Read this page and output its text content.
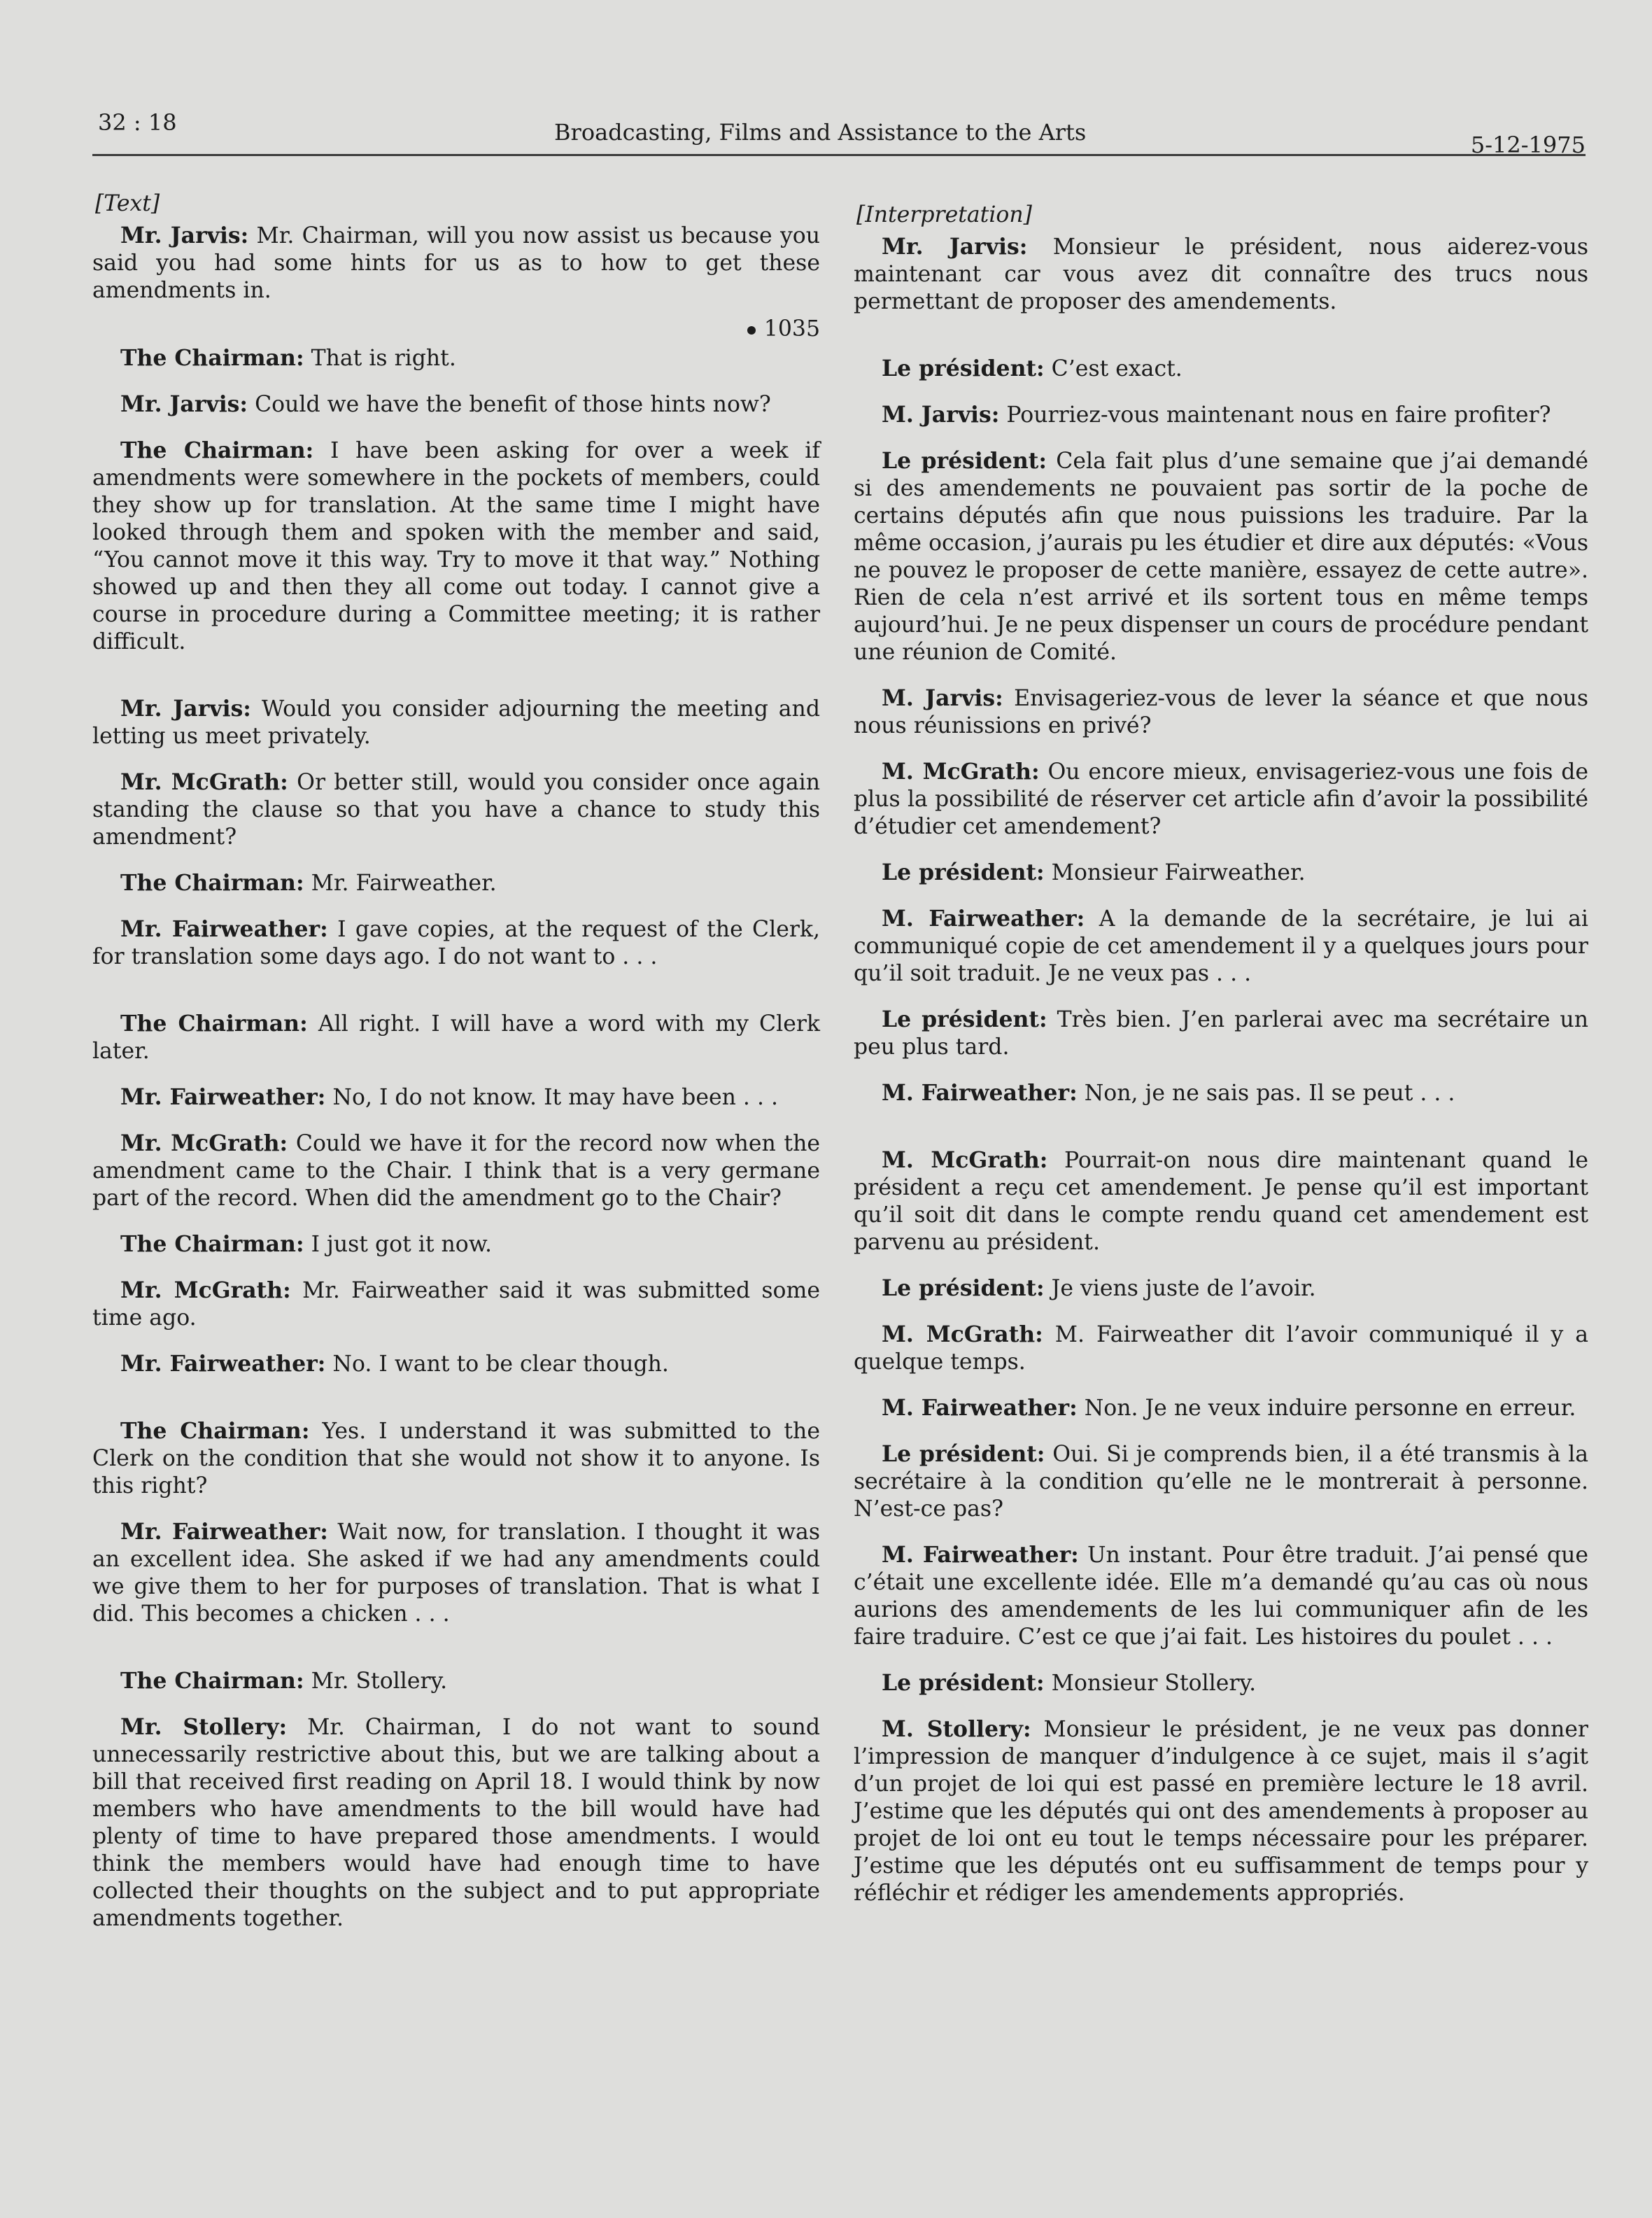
32 : 18	Broadcasting, Films and Assistance to the Arts	5-12-1975
[Text]

Mr. Jarvis: Mr. Chairman, will you now assist us because you said you had some hints for us as to how to get these amendments in.

1035

The Chairman: That is right.

Mr. Jarvis: Could we have the benefit of those hints now?

The Chairman: I have been asking for over a week if amendments were somewhere in the pockets of members, could they show up for translation. At the same time I might have looked through them and spoken with the member and said, “You cannot move it this way. Try to move it that way.” Nothing showed up and then they all come out today. I cannot give a course in procedure during a Committee meeting; it is rather difficult.

Mr. Jarvis: Would you consider adjourning the meeting and letting us meet privately.

Mr. McGrath: Or better still, would you consider once again standing the clause so that you have a chance to study this amendment?

The Chairman: Mr. Fairweather.

Mr. Fairweather: I gave copies, at the request of the Clerk, for translation some days ago. I do not want to . . .

The Chairman: All right. I will have a word with my Clerk later.

Mr. Fairweather: No, I do not know. It may have been . . .

Mr. McGrath: Could we have it for the record now when the amendment came to the Chair. I think that is a very germane part of the record. When did the amendment go to the Chair?

The Chairman: I just got it now.

Mr. McGrath: Mr. Fairweather said it was submitted some time ago.

Mr. Fairweather: No. I want to be clear though.

The Chairman: Yes. I understand it was submitted to the Clerk on the condition that she would not show it to anyone. Is this right?

Mr. Fairweather: Wait now, for translation. I thought it was an excellent idea. She asked if we had any amendments could we give them to her for purposes of translation. That is what I did. This becomes a chicken . . .

The Chairman: Mr. Stollery.

Mr. Stollery: Mr. Chairman, I do not want to sound unnecessarily restrictive about this, but we are talking about a bill that received first reading on April 18. I would think by now members who have amendments to the bill would have had plenty of time to have prepared those amendments. I would think the members would have had enough time to have collected their thoughts on the subject and to put appropriate amendments together.

[Interpretation]

Mr. Jarvis: Monsieur le président, nous aiderez-vous maintenant car vous avez dit connaître des trucs nous permettant de proposer des amendements.

Le président: C’est exact.

M. Jarvis: Pourriez-vous maintenant nous en faire profiter?

Le président: Cela fait plus d’une semaine que j’ai demandé si des amendements ne pouvaient pas sortir de la poche de certains députés afin que nous puissions les traduire. Par la même occasion, j’aurais pu les étudier et dire aux députés: «Vous ne pouvez le proposer de cette manière, essayez de cette autre». Rien de cela n’est arrivé et ils sortent tous en même temps aujourd’hui. Je ne peux dispenser un cours de procédure pendant une réunion de Comité.

M. Jarvis: Envisageriez-vous de lever la séance et que nous nous réunissions en privé?

M. McGrath: Ou encore mieux, envisageriez-vous une fois de plus la possibilité de réserver cet article afin d’avoir la possibilité d’étudier cet amendement?

Le président: Monsieur Fairweather.

M. Fairweather: A la demande de la secrétaire, je lui ai communiqué copie de cet amendement il y a quelques jours pour qu’il soit traduit. Je ne veux pas . . .

Le président: Très bien. J’en parlerai avec ma secrétaire un peu plus tard.

M. Fairweather: Non, je ne sais pas. Il se peut . . .

M. McGrath: Pourrait-on nous dire maintenant quand le président a reçu cet amendement. Je pense qu’il est important qu’il soit dit dans le compte rendu quand cet amendement est parvenu au président.

Le président: Je viens juste de l’avoir.

M. McGrath: M. Fairweather dit l’avoir communiqué il y a quelque temps.

M. Fairweather: Non. Je ne veux induire personne en erreur.

Le président: Oui. Si je comprends bien, il a été transmis à la secrétaire à la condition qu’elle ne le montrerait à personne. N’est-ce pas?

M. Fairweather: Un instant. Pour être traduit. J’ai pensé que c’était une excellente idée. Elle m’a demandé qu’au cas où nous aurions des amendements de les lui communiquer afin de les faire traduire. C’est ce que j’ai fait. Les histoires du poulet . . .

Le président: Monsieur Stollery.

M. Stollery: Monsieur le président, je ne veux pas donner l’impression de manquer d’indulgence à ce sujet, mais il s’agit d’un projet de loi qui est passé en première lecture le 18 avril. J’estime que les députés qui ont des amendements à proposer au projet de loi ont eu tout le temps nécessaire pour les préparer. J’estime que les députés ont eu suffisamment de temps pour y réfléchir et rédiger les amendements appropriés.
